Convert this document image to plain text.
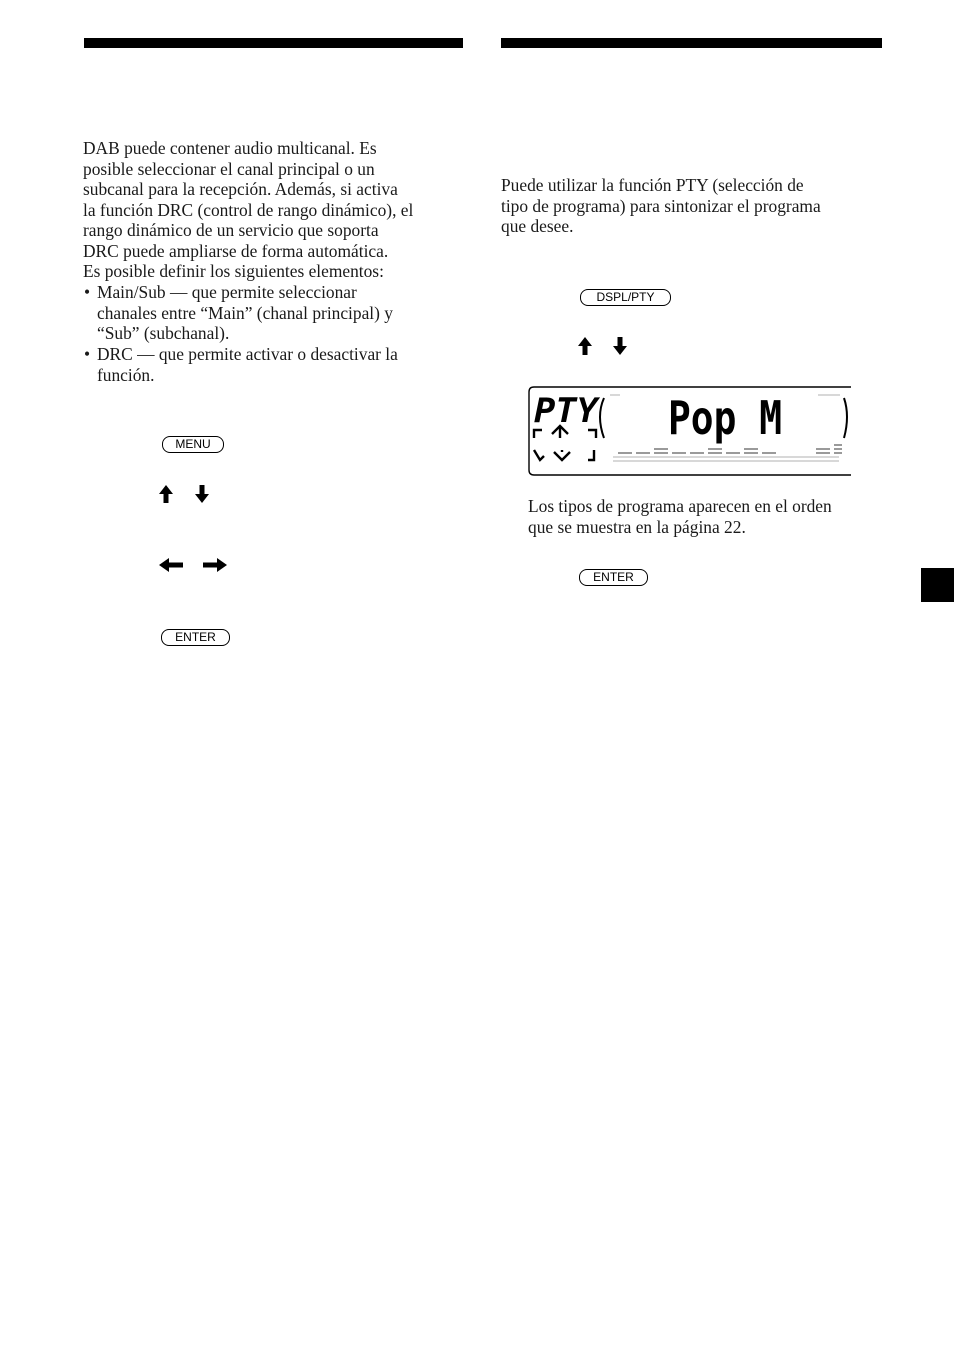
DAB puede contener audio multicanal. Es
posible seleccionar el canal principal o un
subcanal para la recepción. Además, si activa
la función DRC (control de rango dinámico), el
rango dinámico de un servicio que soporta
DRC puede ampliarse de forma automática.
Es posible definir los siguientes elementos:
• Main/Sub — que permite seleccionar
chanales entre “Main” (chanal principal) y
“Sub” (subchanal).
• DRC — que permite activar o desactivar la
función.
MENU
ENTER
Puede utilizar la función PTY (selección de
tipo de programa) para sintonizar el programa
que desee.
DSPL/PTY
PTY Pop M
Los tipos de programa aparecen en el orden
que se muestra en la página 22.
ENTER
